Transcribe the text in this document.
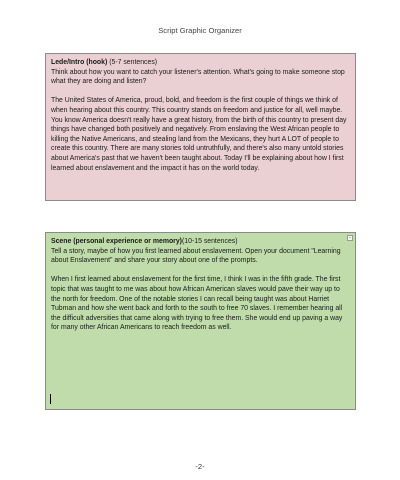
Script Graphic Organizer
Lede/Intro (hook) (5-7 sentences)
Think about how you want to catch your listener's attention. What's going to make someone stop what they are doing and listen?

The United States of America, proud, bold, and freedom is the first couple of things we think of when hearing about this country. This country stands on freedom and justice for all, well maybe. You know America doesn't really have a great history, from the birth of this country to present day things have changed both positively and negatively. From enslaving the West African people to killing the Native Americans, and stealing land from the Mexicans, they hurt A LOT of people to create this country. There are many stories told untruthfully, and there's also many untold stories about America's past that we haven't been taught about. Today I'll be explaining about how I first learned about enslavement and the impact it has on the world today.

-
Scene (personal experience or memory)(10-15 sentences)
Tell a story, maybe of how you first learned about enslavement. Open your document "Learning about Enslavement" and share your story about one of the prompts.

When I first learned about enslavement for the first time, I think I was in the fifth grade. The first topic that was taught to me was about how African American slaves would pave their way up to the north for freedom. One of the notable stories I can recall being taught was about Harriet Tubman and how she went back and forth to the south to free 70 slaves. I remember hearing all the difficult adversities that came along with trying to free them. She would end up paving a way for many other African Americans to reach freedom as well.

-2-
